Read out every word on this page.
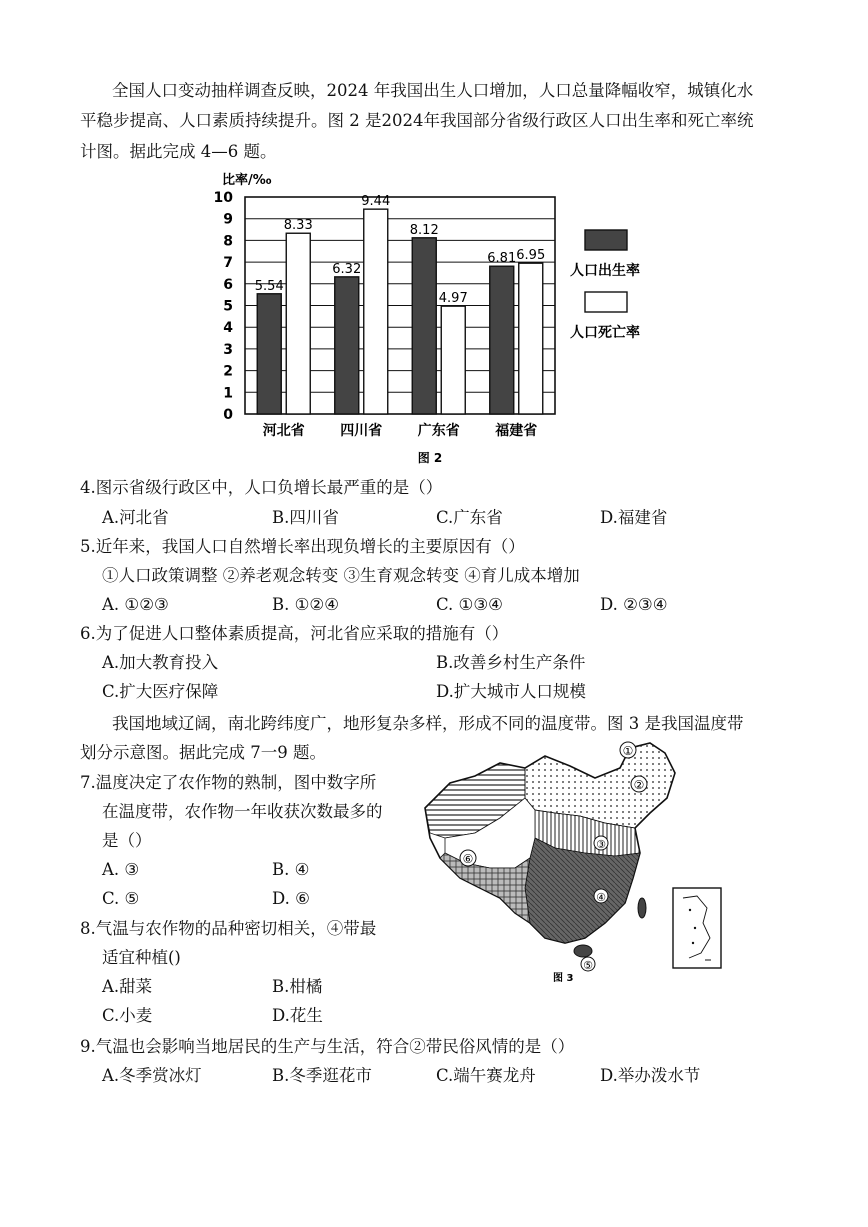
全国人口变动抽样调查反映，2024 年我国出生人口增加，人口总量降幅收窄，城镇化水
平稳步提高、人口素质持续提升。图 2 是2024年我国部分省级行政区人口出生率和死亡率统
计图。据此完成 4—6 题。
0
1
2
3
4
5
6
7
8
9
10
比率/‰
5.54
8.33
河北省
6.32
9.44
四川省
8.12
4.97
广东省
6.81 6.95
福建省
人口出生率
人口死亡率
图 2
4.图示省级行政区中，人口负增长最严重的是（）
A.河北省	B.四川省	C.广东省	D.福建省
5.近年来，我国人口自然增长率出现负增长的主要原因有（）
①人口政策调整 ②养老观念转变 ③生育观念转变 ④育儿成本增加
A. ①②③	B. ①②④	C. ①③④	D. ②③④
6.为了促进人口整体素质提高，河北省应采取的措施有（）
A.加大教育投入	B.改善乡村生产条件
C.扩大医疗保障	D.扩大城市人口规模
我国地域辽阔，南北跨纬度广，地形复杂多样，形成不同的温度带。图 3 是我国温度带
划分示意图。据此完成 7一9 题。
7.温度决定了农作物的熟制，图中数字所
在温度带，农作物一年收获次数最多的
是（）
A. ③	B. ④
C. ⑤	D. ⑥
8.气温与农作物的品种密切相关，④带最
适宜种植()
A.甜菜	B.柑橘
C.小麦	D.花生
9.气温也会影响当地居民的生产与生活，符合②带民俗风情的是（）
A.冬季赏冰灯	B.冬季逛花市	C.端午赛龙舟	D.举办泼水节
①
②
③
④
⑤
⑥
图 3
